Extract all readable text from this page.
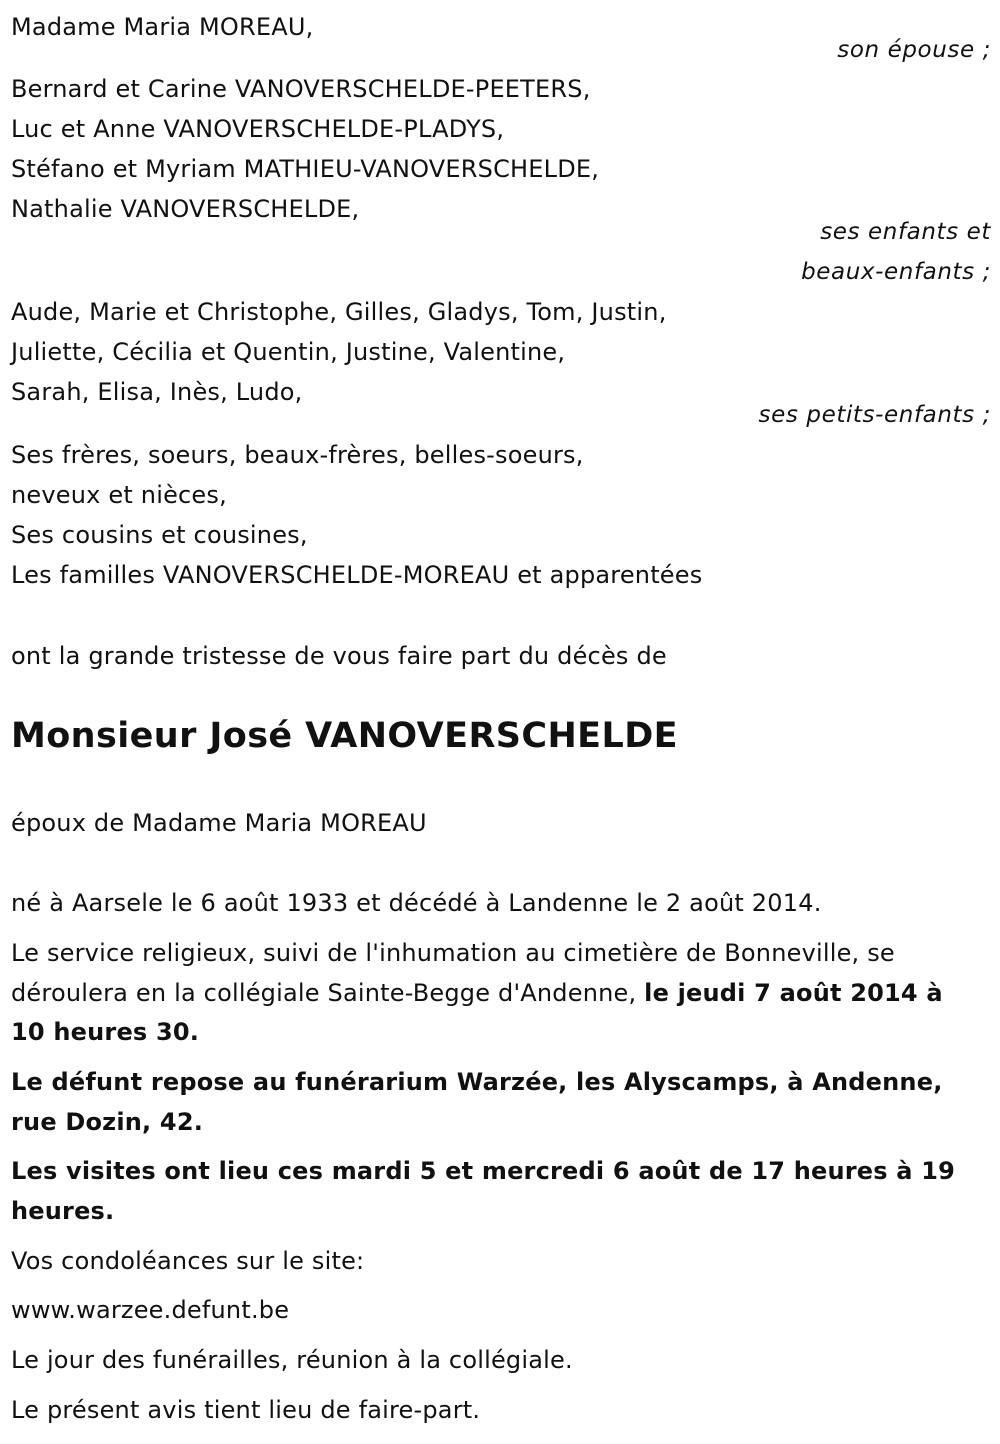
Madame Maria MOREAU,
son épouse ;
Bernard et Carine VANOVERSCHELDE-PEETERS,
Luc et Anne VANOVERSCHELDE-PLADYS,
Stéfano et Myriam MATHIEU-VANOVERSCHELDE,
Nathalie VANOVERSCHELDE,
ses enfants et
beaux-enfants ;
Aude, Marie et Christophe, Gilles, Gladys, Tom, Justin,
Juliette, Cécilia et Quentin, Justine, Valentine,
Sarah, Elisa, Inès, Ludo,
ses petits-enfants ;
Ses frères, soeurs, beaux-frères, belles-soeurs,
neveux et nièces,
Ses cousins et cousines,
Les familles VANOVERSCHELDE-MOREAU et apparentées
ont la grande tristesse de vous faire part du décès de
Monsieur José VANOVERSCHELDE
époux de Madame Maria MOREAU
né à Aarsele le 6 août 1933 et décédé à Landenne le 2 août 2014.
Le service religieux, suivi de l'inhumation au cimetière de Bonneville, se
déroulera en la collégiale Sainte-Begge d'Andenne, le jeudi 7 août 2014 à
10 heures 30.
Le défunt repose au funérarium Warzée, les Alyscamps, à Andenne,
rue Dozin, 42.
Les visites ont lieu ces mardi 5 et mercredi 6 août de 17 heures à 19
heures.
Vos condoléances sur le site:
www.warzee.defunt.be
Le jour des funérailles, réunion à la collégiale.
Le présent avis tient lieu de faire-part.
